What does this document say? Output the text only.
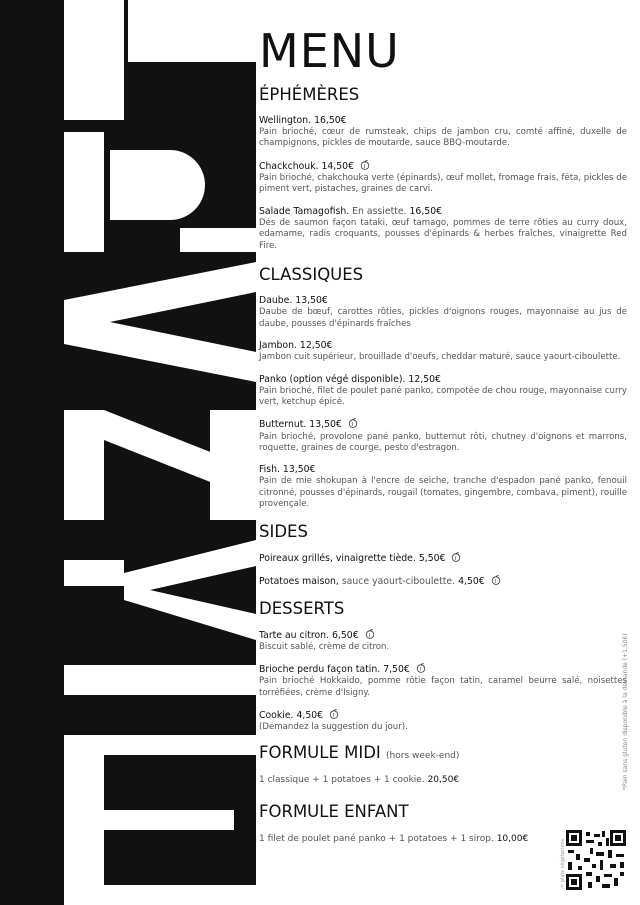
MENU
ÉPHÉMÈRES
Wellington. 16,50€
Pain brioché, cœur de rumsteak, chips de jambon cru, comté affiné, duxelle de champignons, pickles de moutarde, sauce BBQ-moutarde.
Chackchouk. 14,50€
Pain brioché, chakchouka verte (épinards), œuf mollet, fromage frais, féta, pickles de piment vert, pistaches, graines de carvi.
Salade Tamagofish. En assiette. 16,50€
Dés de saumon façon tataki, œuf tamago, pommes de terre rôties au curry doux, edamame, radis croquants, pousses d'épinards & herbes fraîches, vinaigrette Red Fire.
CLASSIQUES
Daube. 13,50€
Daube de bœuf, carottes rôties, pickles d'oignons rouges, mayonnaise au jus de daube, pousses d'épinards fraîches
Jambon. 12,50€
Jambon cuit supérieur, brouillade d'oeufs, cheddar maturé, sauce yaourt-ciboulette.
Panko (option végé disponible). 12,50€
Pain brioché, filet de poulet pané panko, compotée de chou rouge, mayonnaise curry vert, ketchup épicé.
Butternut. 13,50€
Pain brioché, provolone pané panko, butternut rôti, chutney d'oignons et marrons, roquette, graines de courge, pesto d'estragon.
Fish. 13,50€
Pain de mie shokupan à l'encre de seiche, tranche d'espadon pané panko, fenouil citronné, pousses d'épinards, rougail (tomates, gingembre, combava, piment), rouille provençale.
SIDES
Poireaux grillés, vinaigrette tiède. 5,50€
Potatoes maison, sauce yaourt-ciboulette. 4,50€
DESSERTS
Tarte au citron. 6,50€
Biscuit sablé, crème de citron.
Brioche perdu façon tatin. 7,50€
Pain brioché Hokkaido, pomme rôtie façon tatin, caramel beurre salé, noisettes torréfiées, crème d'Isigny.
Cookie. 4,50€
(Demandez la suggestion du jour).
FORMULE MIDI (hors week-end)
1 classique + 1 potatoes + 1 cookie. 20,50€
FORMULE ENFANT
1 filet de poulet pané panko + 1 potatoes + 1 sirop. 10,00€
*Pain sans gluten disponible à la demande (+1,50€)
= plats végétariens
